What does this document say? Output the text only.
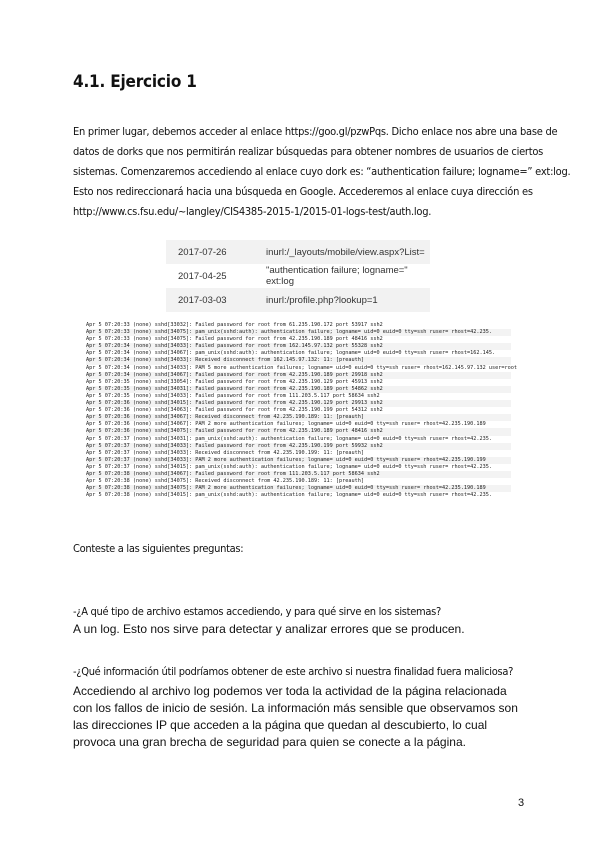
4.1. Ejercicio 1

En primer lugar, debemos acceder al enlace https://goo.gl/pzwPqs. Dicho enlace nos abre una base de
datos de dorks que nos permitirán realizar búsquedas para obtener nombres de usuarios de ciertos
sistemas. Comenzaremos accediendo al enlace cuyo dork es: “authentication failure; logname=” ext:log.
Esto nos redireccionará hacia una búsqueda en Google. Accederemos al enlace cuya dirección es
http://www.cs.fsu.edu/~langley/CIS4385-2015-1/2015-01-logs-test/auth.log.

2017-07-26	inurl:/_layouts/mobile/view.aspx?List=
2017-04-25	"authentication failure; logname=" ext:log
2017-03-03	inurl:/profile.php?lookup=1
Apr 5 07:20:33 (none) sshd[33032]: Failed password for root from 61.235.190.172 port 53917 ssh2
Apr 5 07:20:33 (none) sshd[34075]: pam_unix(sshd:auth): authentication failure; logname= uid=0 euid=0 tty=ssh ruser= rhost=42.235.
Apr 5 07:20:33 (none) sshd[34075]: Failed password for root from 42.235.190.189 port 48416 ssh2
Apr 5 07:20:34 (none) sshd[34033]: Failed password for root from 162.145.97.132 port 55328 ssh2
Apr 5 07:20:34 (none) sshd[34067]: pam_unix(sshd:auth): authentication failure; logname= uid=0 euid=0 tty=ssh ruser= rhost=162.145.
Apr 5 07:20:34 (none) sshd[34033]: Received disconnect from 162.145.97.132: 11: [preauth]
Apr 5 07:20:34 (none) sshd[34033]: PAM 5 more authentication failures; logname= uid=0 euid=0 tty=ssh ruser= rhost=162.145.97.132 user=root
Apr 5 07:20:34 (none) sshd[34067]: Failed password for root from 42.235.190.189 port 29918 ssh2
Apr 5 07:20:35 (none) sshd[33054]: Failed password for root from 42.235.190.129 port 45913 ssh2
Apr 5 07:20:35 (none) sshd[34031]: Failed password for root from 42.235.190.189 port 54862 ssh2
Apr 5 07:20:35 (none) sshd[34033]: Failed password for root from 111.203.5.117 port 58634 ssh2
Apr 5 07:20:36 (none) sshd[34015]: Failed password for root from 42.235.190.129 port 29913 ssh2
Apr 5 07:20:36 (none) sshd[34063]: Failed password for root from 42.235.190.199 port 54312 ssh2
Apr 5 07:20:36 (none) sshd[34067]: Received disconnect from 42.235.190.189: 11: [preauth]
Apr 5 07:20:36 (none) sshd[34067]: PAM 2 more authentication failures; logname= uid=0 euid=0 tty=ssh ruser= rhost=42.235.190.189
Apr 5 07:20:36 (none) sshd[34075]: Failed password for root from 42.235.190.189 port 48416 ssh2
Apr 5 07:20:37 (none) sshd[34031]: pam_unix(sshd:auth): authentication failure; logname= uid=0 euid=0 tty=ssh ruser= rhost=42.235.
Apr 5 07:20:37 (none) sshd[34033]: Failed password for root from 42.235.190.199 port 59932 ssh2
Apr 5 07:20:37 (none) sshd[34033]: Received disconnect from 42.235.190.199: 11: [preauth]
Apr 5 07:20:37 (none) sshd[34033]: PAM 2 more authentication failures; logname= uid=0 euid=0 tty=ssh ruser= rhost=42.235.190.199
Apr 5 07:20:37 (none) sshd[34015]: pam_unix(sshd:auth): authentication failure; logname= uid=0 euid=0 tty=ssh ruser= rhost=42.235.
Apr 5 07:20:38 (none) sshd[34067]: Failed password for root from 111.203.5.117 port 58634 ssh2
Apr 5 07:20:38 (none) sshd[34075]: Received disconnect from 42.235.190.189: 11: [preauth]
Apr 5 07:20:38 (none) sshd[34075]: PAM 2 more authentication failures; logname= uid=0 euid=0 tty=ssh ruser= rhost=42.235.190.189
Apr 5 07:20:38 (none) sshd[34015]: pam_unix(sshd:auth): authentication failure; logname= uid=0 euid=0 tty=ssh ruser= rhost=42.235.

Conteste a las siguientes preguntas:

-¿A qué tipo de archivo estamos accediendo, y para qué sirve en los sistemas?

A un log. Esto nos sirve para detectar y analizar errores que se producen.

-¿Qué información útil podríamos obtener de este archivo si nuestra finalidad fuera maliciosa?

Accediendo al archivo log podemos ver toda la actividad de la página relacionada
con los fallos de inicio de sesión. La información más sensible que observamos son
las direcciones IP que acceden a la página que quedan al descubierto, lo cual
provoca una gran brecha de seguridad para quien se conecte a la página.

3
